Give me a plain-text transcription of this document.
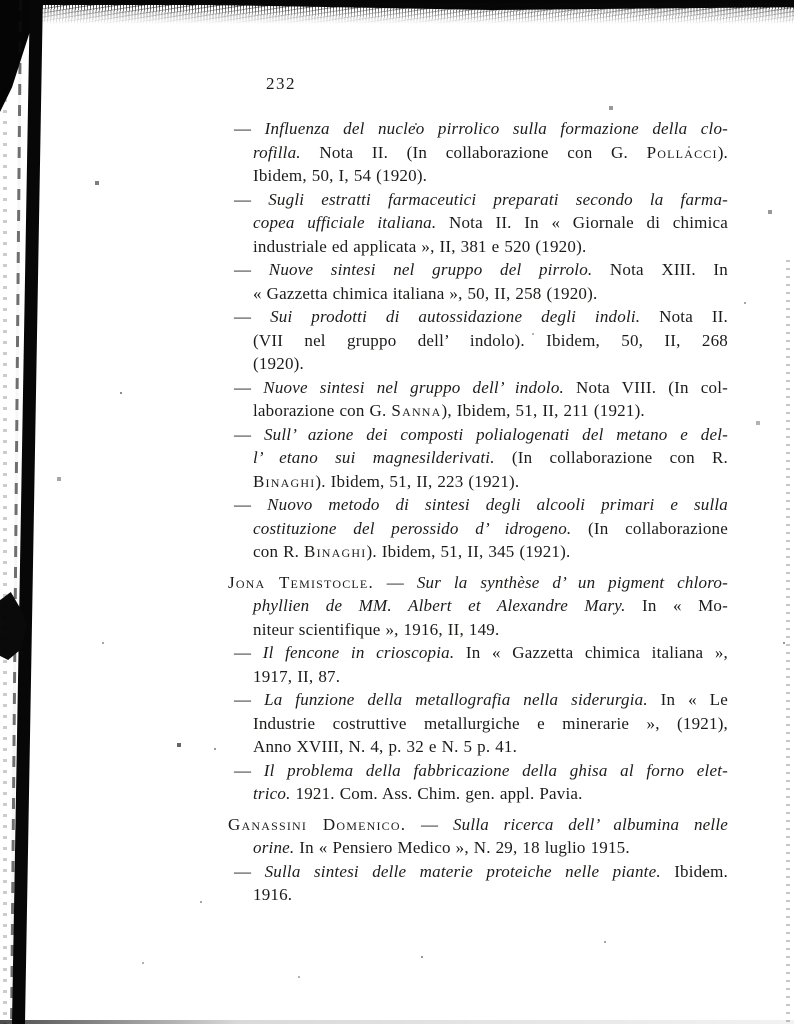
232
— Influenza del nucleo pirrolico sulla formazione della clo-
rofilla. Nota II. (In collaborazione con G. Pollacci).
Ibidem, 50, I, 54 (1920).
— Sugli estratti farmaceutici preparati secondo la farma-
copea ufficiale italiana. Nota II. In « Giornale di chimica
industriale ed applicata », II, 381 e 520 (1920).
— Nuove sintesi nel gruppo del pirrolo. Nota XIII. In
« Gazzetta chimica italiana », 50, II, 258 (1920).
— Sui prodotti di autossidazione degli indoli. Nota II.
(VII nel gruppo dell’ indolo). Ibidem, 50, II, 268
(1920).
— Nuove sintesi nel gruppo dell’ indolo. Nota VIII. (In col-
laborazione con G. Sanna), Ibidem, 51, II, 211 (1921).
— Sull’ azione dei composti polialogenati del metano e del-
l’ etano sui magnesilderivati. (In collaborazione con R.
Binaghi). Ibidem, 51, II, 223 (1921).
— Nuovo metodo di sintesi degli alcooli primari e sulla
costituzione del perossido d’ idrogeno. (In collaborazione
con R. Binaghi). Ibidem, 51, II, 345 (1921).
Jona Temistocle. — Sur la synthèse d’ un pigment chloro-
phyllien de MM. Albert et Alexandre Mary. In « Mo-
niteur scientifique », 1916, II, 149.
— Il fencone in crioscopia. In « Gazzetta chimica italiana »,
1917, II, 87.
— La funzione della metallografia nella siderurgia. In « Le
Industrie costruttive metallurgiche e minerarie », (1921),
Anno XVIII, N. 4, p. 32 e N. 5 p. 41.
— Il problema della fabbricazione della ghisa al forno elet-
trico. 1921. Com. Ass. Chim. gen. appl. Pavia.
Ganassini Domenico. — Sulla ricerca dell’ albumina nelle
orine. In « Pensiero Medico », N. 29, 18 luglio 1915.
— Sulla sintesi delle materie proteiche nelle piante. Ibidem.
1916.
